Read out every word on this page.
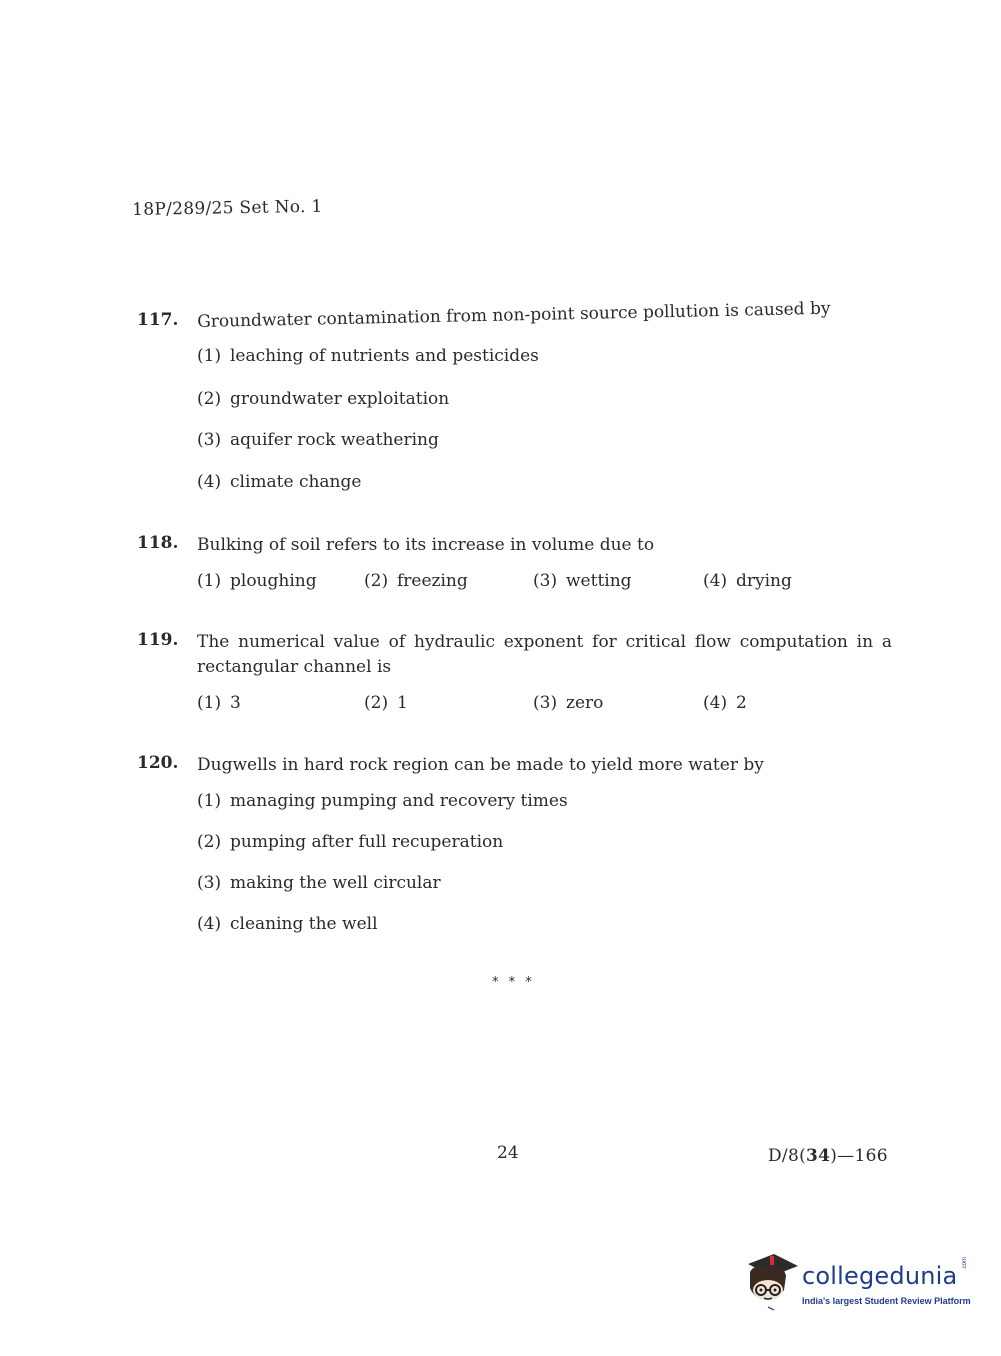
18P/289/25 Set No. 1
117. Groundwater contamination from non-point source pollution is caused by
(1) leaching of nutrients and pesticides
(2) groundwater exploitation
(3) aquifer rock weathering
(4) climate change
118. Bulking of soil refers to its increase in volume due to
(1) ploughing	(2) freezing	(3) wetting	(4) drying
119. The numerical value of hydraulic exponent for critical flow computation in a rectangular channel is
(1) 3	(2) 1	(3) zero	(4) 2
120. Dugwells in hard rock region can be made to yield more water by
(1) managing pumping and recovery times
(2) pumping after full recuperation
(3) making the well circular
(4) cleaning the well
* * *
24	D/8(34)—166
collegedunia .com
India's largest Student Review Platform
